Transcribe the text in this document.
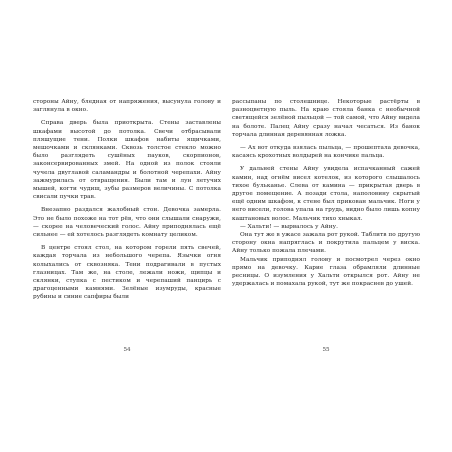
стороны Айну, бледная от напряжения, высунула голову и заглянула в окно.

Справа дверь была приоткрыта. Стены заставлены шкафами высотой до потолка. Свечи отбрасывали пляшущие тени. Полки шкафов набиты ящичками, мешочками и склянками. Сквозь толстое стекло можно было разглядеть сушёных пауков, скорпионов, законсервированных змей. На одной из полок стояли чучела двуглавой саламандры и болотной черепахи. Айну зажмурилась от отвращения. Были там и лун летучих мышей, когти чудищ, зубы размеров величины. С потолка свисали пучки трав.

Внезапно раздался жалобный стон. Девочка замерла. Это не было похоже на тот рёв, что они слышали снаружи, — скорее на человеческий голос. Айну приподнялась ещё сильнее — ей хотелось разглядеть комнату целиком.

В центре стоял стол, на котором горели пять свечей, каждая торчала из небольшого черепа. Язычки огня колыхались от сквозняка. Тени подрагивали в пустых глазницах. Там же, на столе, лежали ножи, щипцы и склянки, ступка с пестиком и черепаший панцирь с драгоценными камнями. Зелёные изумруды, красные рубины и синие сапфиры были

54

рассыпаны по столешнице. Некоторые растёрты в разноцветную пыль. На краю стояла банка с необычной светящейся зелёной пыльцой — той самой, что Айну видела на болоте. Палец Айну сразу начал чесаться. Из банок торчала длинная деревянная ложка.

— Ах вот откуда взялась пыльца, — прошептала девочка, касаясь крохотных волдырей на кончике пальца.

У дальней стены Айну увидела испачканный сажей камин, над огнём висел котелок, из которого слышалось тихое бульканье. Слева от камина — прикрытая дверь в другое помещение. А позади стола, наполовину скрытый ещё одним шкафом, к стене был прикован мальчик. Ноги у него висели, голова упала на грудь, видно было лишь копну каштановых волос. Мальчик тихо хныкал.

— Хальти! — вырвалось у Айну.

Она тут же в ужасе зажала рот рукой. Таблитв по другую сторону окна напряглась и покрутила пальцем у виска. Айну только пожала плечами.

Мальчик приподнял голову и посмотрел через окно прямо на девочку. Карие глаза обрамляли длинные ресницы. О изумления у Хальти открылся рот. Айну не удержалась и помахала рукой, тут же покраснев до ушей.

55
